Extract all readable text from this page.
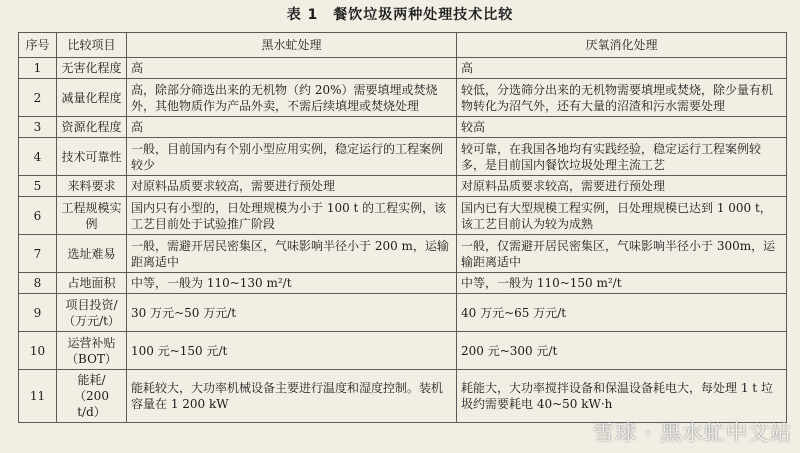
表 1　餐饮垃圾两种处理技术比较
序号	比较项目	黑水虻处理	厌氧消化处理
1	无害化程度	高	高
2	减量化程度	高，除部分筛选出来的无机物（约 20%）需要填埋或焚烧外，其他物质作为产品外卖，不需后续填埋或焚烧处理	较低，分选筛分出来的无机物需要填埋或焚烧，除少量有机物转化为沼气外，还有大量的沼渣和污水需要处理
3	资源化程度	高	较高
4	技术可靠性	一般，目前国内有个别小型应用实例，稳定运行的工程案例较少	较可靠，在我国各地均有实践经验，稳定运行工程案例较多，是目前国内餐饮垃圾处理主流工艺
5	来料要求	对原料品质要求较高，需要进行预处理	对原料品质要求较高，需要进行预处理
6	工程规模实例	国内只有小型的，日处理规模为小于 100 t 的工程实例，该工艺目前处于试验推广阶段	国内已有大型规模工程实例，日处理规模已达到 1 000 t，该工艺目前认为较为成熟
7	选址难易	一般，需避开居民密集区，气味影响半径小于 200 m，运输距离适中	一般，仅需避开居民密集区，气味影响半径小于 300m，运输距离适中
8	占地面积	中等，一般为 110~130 m²/t	中等，一般为 110~150 m²/t
9	项目投资/（万元/t）	30 万元~50 万元/t	40 万元~65 万元/t
10	运营补贴（BOT）	100 元~150 元/t	200 元~300 元/t
11	能耗/（200 t/d）	能耗较大，大功率机械设备主要进行温度和湿度控制。装机容量在 1 200 kW	耗能大，大功率搅拌设备和保温设备耗电大，每处理 1 t 垃圾约需要耗电 40~50 kW·h
雪球 · 黑水虻中文站
